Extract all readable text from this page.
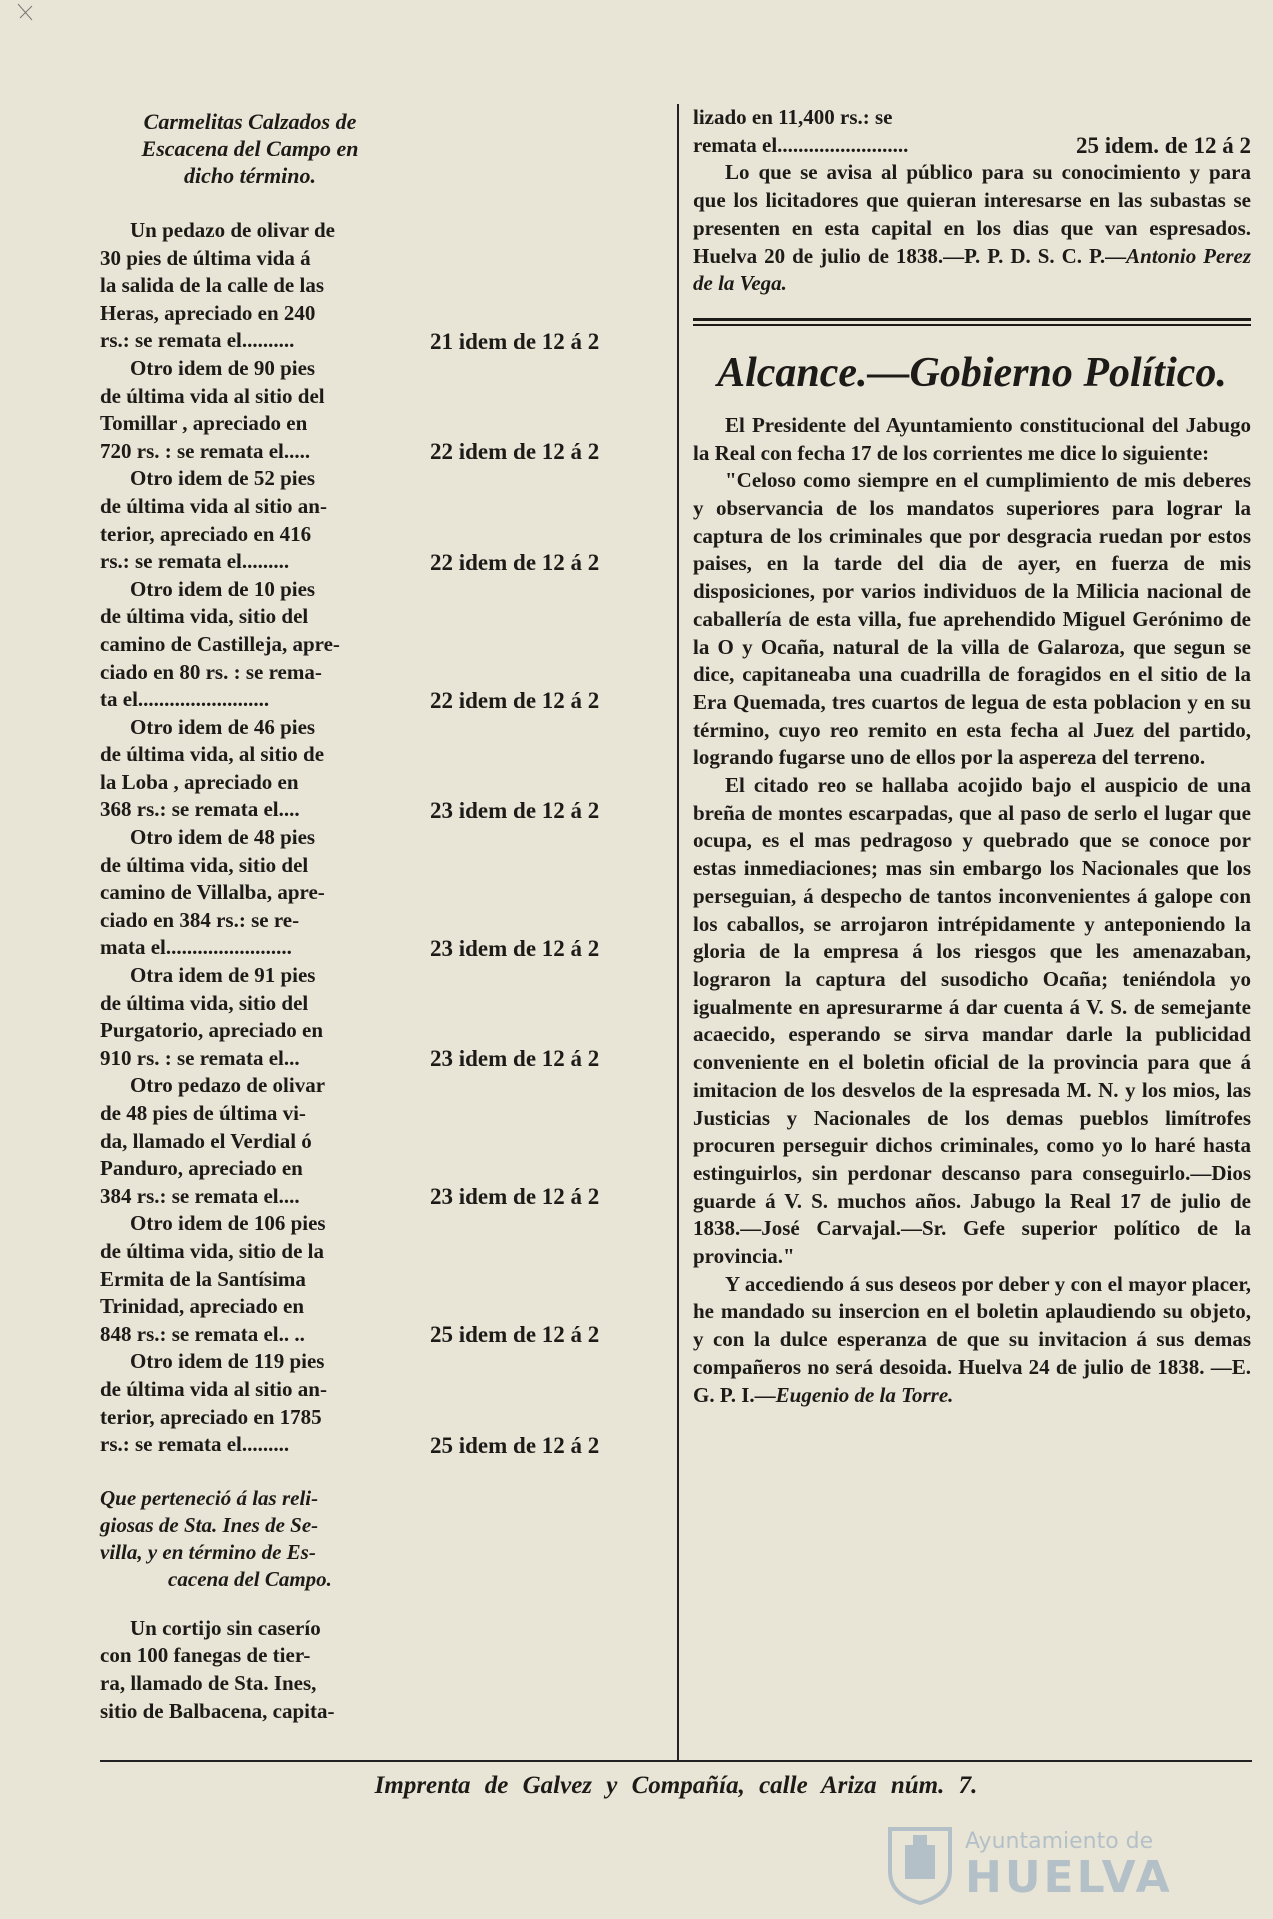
Carmelitas Calzados de
Escacena del Campo en
dicho término.
Un pedazo de olivar de
30 pies de última vida á
la salida de la calle de las
Heras, apreciado en 240
rs.: se remata el..........	21 idem de 12 á 2
Otro idem de 90 pies
de última vida al sitio del
Tomillar , apreciado en
720 rs. : se remata el.....	22 idem de 12 á 2
Otro idem de 52 pies
de última vida al sitio an-
terior, apreciado en 416
rs.: se remata el.........	22 idem de 12 á 2
Otro idem de 10 pies
de última vida, sitio del
camino de Castilleja, apre-
ciado en 80 rs. : se rema-
ta el.........................	22 idem de 12 á 2
Otro idem de 46 pies
de última vida, al sitio de
la Loba , apreciado en
368 rs.: se remata el....	23 idem de 12 á 2
Otro idem de 48 pies
de última vida, sitio del
camino de Villalba, apre-
ciado en 384 rs.: se re-
mata el........................	23 idem de 12 á 2
Otra idem de 91 pies
de última vida, sitio del
Purgatorio, apreciado en
910 rs. : se remata el...	23 idem de 12 á 2
Otro pedazo de olivar
de 48 pies de última vi-
da, llamado el Verdial ó
Panduro, apreciado en
384 rs.: se remata el....	23 idem de 12 á 2
Otro idem de 106 pies
de última vida, sitio de la
Ermita de la Santísima
Trinidad, apreciado en
848 rs.: se remata el.. ..	25 idem de 12 á 2
Otro idem de 119 pies
de última vida al sitio an-
terior, apreciado en 1785
rs.: se remata el.........	25 idem de 12 á 2
Que perteneció á las reli-
giosas de Sta. Ines de Se-
villa, y en término de Es-
cacena del Campo.
Un cortijo sin caserío
con 100 fanegas de tier-
ra, llamado de Sta. Ines,
sitio de Balbacena, capita-
lizado en 11,400 rs.: se
remata el.........................	25 idem. de 12 á 2

Lo que se avisa al público para su conocimiento y para que los licitadores que quieran interesarse en las subastas se presenten en esta capital en los dias que van espresados. Huelva 20 de julio de 1838.—P. P. D. S. C. P.—Antonio Perez de la Vega.

Alcance.—Gobierno Político.

El Presidente del Ayuntamiento constitucional del Jabugo la Real con fecha 17 de los corrientes me dice lo siguiente:

"Celoso como siempre en el cumplimiento de mis deberes y observancia de los mandatos superiores para lograr la captura de los criminales que por desgracia ruedan por estos paises, en la tarde del dia de ayer, en fuerza de mis disposiciones, por varios individuos de la Milicia nacional de caballería de esta villa, fue aprehendido Miguel Gerónimo de la O y Ocaña, natural de la villa de Galaroza, que segun se dice, capitaneaba una cuadrilla de foragidos en el sitio de la Era Quemada, tres cuartos de legua de esta poblacion y en su término, cuyo reo remito en esta fecha al Juez del partido, logrando fugarse uno de ellos por la aspereza del terreno.

El citado reo se hallaba acojido bajo el auspicio de una breña de montes escarpadas, que al paso de serlo el lugar que ocupa, es el mas pedragoso y quebrado que se conoce por estas inmediaciones; mas sin embargo los Nacionales que los perseguian, á despecho de tantos inconvenientes á galope con los caballos, se arrojaron intrépidamente y anteponiendo la gloria de la empresa á los riesgos que les amenazaban, lograron la captura del susodicho Ocaña; teniéndola yo igualmente en apresurarme á dar cuenta á V. S. de semejante acaecido, esperando se sirva mandar darle la publicidad conveniente en el boletin oficial de la provincia para que á imitacion de los desvelos de la espresada M. N. y los mios, las Justicias y Nacionales de los demas pueblos limítrofes procuren perseguir dichos criminales, como yo lo haré hasta estinguirlos, sin perdonar descanso para conseguirlo.—Dios guarde á V. S. muchos años. Jabugo la Real 17 de julio de 1838.—José Carvajal.—Sr. Gefe superior político de la provincia."

Y accediendo á sus deseos por deber y con el mayor placer, he mandado su insercion en el boletin aplaudiendo su objeto, y con la dulce esperanza de que su invitacion á sus demas compañeros no será desoida. Huelva 24 de julio de 1838. —E. G. P. I.—Eugenio de la Torre.

Imprenta de Galvez y Compañía, calle Ariza núm. 7.
Ayuntamiento de
HUELVA
